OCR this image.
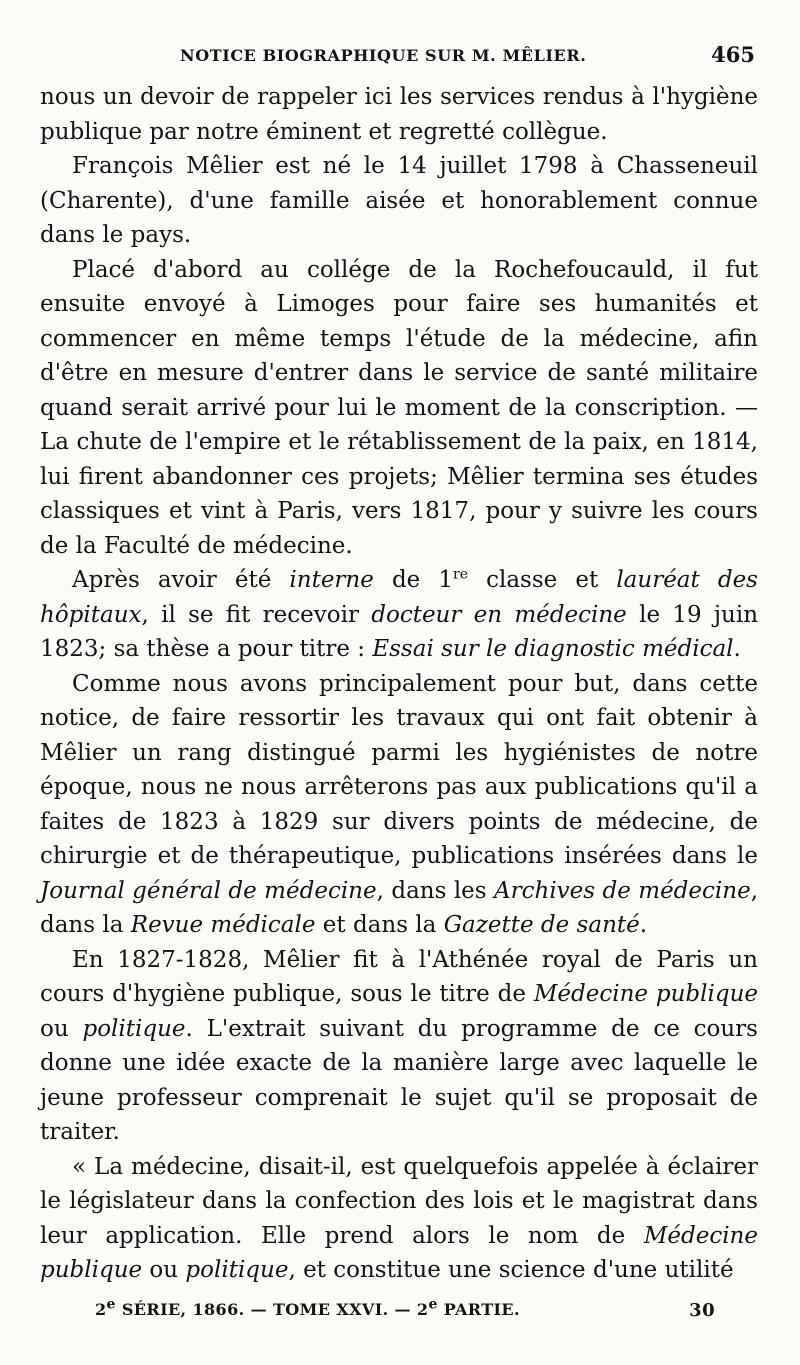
NOTICE BIOGRAPHIQUE SUR M. MÊLIER.	465

nous un devoir de rappeler ici les services rendus à l'hygiène publique par notre éminent et regretté collègue.

François Mêlier est né le 14 juillet 1798 à Chasseneuil (Charente), d'une famille aisée et honorablement connue dans le pays.

Placé d'abord au collége de la Rochefoucauld, il fut ensuite envoyé à Limoges pour faire ses humanités et commencer en même temps l'étude de la médecine, afin d'être en mesure d'entrer dans le service de santé militaire quand serait arrivé pour lui le moment de la conscription. — La chute de l'empire et le rétablissement de la paix, en 1814, lui firent abandonner ces projets; Mêlier termina ses études classiques et vint à Paris, vers 1817, pour y suivre les cours de la Faculté de médecine.

Après avoir été interne de 1re classe et lauréat des hôpitaux, il se fit recevoir docteur en médecine le 19 juin 1823; sa thèse a pour titre : Essai sur le diagnostic médical.

Comme nous avons principalement pour but, dans cette notice, de faire ressortir les travaux qui ont fait obtenir à Mêlier un rang distingué parmi les hygiénistes de notre époque, nous ne nous arrêterons pas aux publications qu'il a faites de 1823 à 1829 sur divers points de médecine, de chirurgie et de thérapeutique, publications insérées dans le Journal général de médecine, dans les Archives de médecine, dans la Revue médicale et dans la Gazette de santé.

En 1827-1828, Mêlier fit à l'Athénée royal de Paris un cours d'hygiène publique, sous le titre de Médecine publique ou politique. L'extrait suivant du programme de ce cours donne une idée exacte de la manière large avec laquelle le jeune professeur comprenait le sujet qu'il se proposait de traiter.

« La médecine, disait-il, est quelquefois appelée à éclairer le législateur dans la confection des lois et le magistrat dans leur application. Elle prend alors le nom de Médecine publique ou politique, et constitue une science d'une utilité

2e SÉRIE, 1866. — TOME XXVI. — 2e PARTIE.	30
